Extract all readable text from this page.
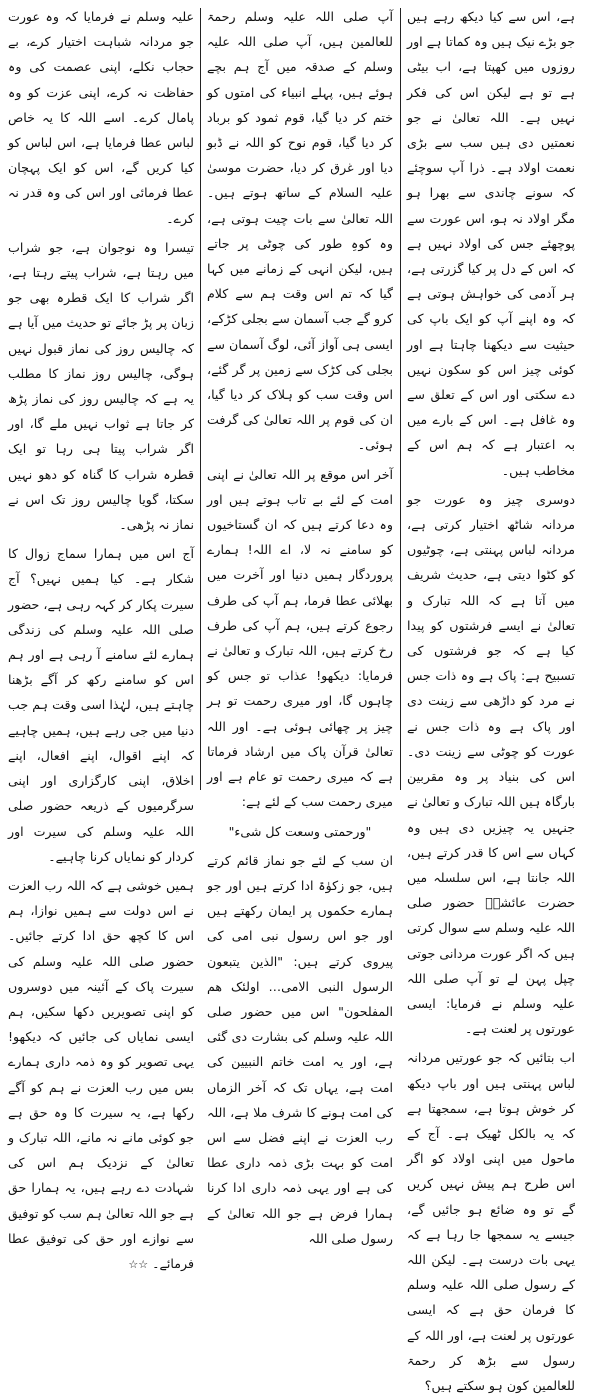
ہے، اس سے کیا دیکھ رہے ہیں جو بڑے نیک ہیں وہ کماتا ہے اور روزوں میں کھپتا ہے، اب بیٹی ہے تو ہے لیکن اس کی فکر نہیں ہے۔ اللہ تعالیٰ نے جو نعمتیں دی ہیں سب سے بڑی نعمت اولاد ہے۔ ذرا آپ سوچئے کہ سونے چاندی سے بھرا ہو مگر اولاد نہ ہو، اس عورت سے پوچھئے جس کی اولاد نہیں ہے کہ اس کے دل پر کیا گزرتی ہے، ہر آدمی کی خواہش ہوتی ہے کہ وہ اپنے آپ کو ایک باپ کی حیثیت سے دیکھنا چاہتا ہے اور کوئی چیز اس کو سکون نہیں دے سکتی اور اس کے تعلق سے وہ غافل ہے۔ اس کے بارے میں بہ اعتبار ہے کہ ہم اس کے مخاطب ہیں۔

دوسری چیز وہ عورت جو مردانہ شاٹھ اختیار کرتی ہے، مردانہ لباس پہنتی ہے، چوٹیوں کو کٹوا دیتی ہے، حدیث شریف میں آتا ہے کہ اللہ تبارک و تعالیٰ نے ایسے فرشتوں کو پیدا کیا ہے کہ جو فرشتوں کی تسبیح ہے: پاک ہے وہ ذات جس نے مرد کو داڑھی سے زینت دی اور پاک ہے وہ ذات جس نے عورت کو چوٹی سے زینت دی۔ اس کی بنیاد پر وہ مقربین بارگاہ ہیں اللہ تبارک و تعالیٰ نے جنہیں یہ چیزیں دی ہیں وہ کہاں سے اس کا قدر کرتے ہیں، اللہ جانتا ہے، اس سلسلہ میں حضرت عائشہؓ حضور صلی اللہ علیہ وسلم سے سوال کرتی ہیں کہ اگر عورت مردانی جوتی چپل پہن لے تو آپ صلی اللہ علیہ وسلم نے فرمایا: ایسی عورتوں پر لعنت ہے۔

اب بتائیں کہ جو عورتیں مردانہ لباس پہنتی ہیں اور باپ دیکھ کر خوش ہوتا ہے، سمجھتا ہے کہ یہ بالکل ٹھیک ہے۔ آج کے ماحول میں اپنی اولاد کو اگر اس طرح ہم پیش نہیں کریں گے تو وہ ضائع ہو جائیں گے، جیسے یہ سمجھا جا رہا ہے کہ یہی بات درست ہے۔ لیکن اللہ کے رسول صلی اللہ علیہ وسلم کا فرمان حق ہے کہ ایسی عورتوں پر لعنت ہے، اور اللہ کے رسول سے بڑھ کر رحمۃ للعالمین کون ہو سکتے ہیں؟

آپ صلی اللہ علیہ وسلم رحمۃ للعالمین ہیں، آپ صلی اللہ علیہ وسلم کے صدقہ میں آج ہم بچے ہوئے ہیں، پہلے انبیاء کی امتوں کو ختم کر دیا گیا، قوم ثمود کو برباد کر دیا گیا، قوم نوح کو اللہ نے ڈبو دیا اور غرق کر دیا، حضرت موسیٰ علیہ السلام کے ساتھ ہوتے ہیں۔ اللہ تعالیٰ سے بات چیت ہوتی ہے، وہ کوہِ طور کی چوٹی پر جاتے ہیں، لیکن انہی کے زمانے میں کہا گیا کہ تم اس وقت ہم سے کلام کرو گے جب آسمان سے بجلی کڑکے، ایسی ہی آواز آئی، لوگ آسمان سے بجلی کی کڑک سے زمین پر گر گئے، اس وقت سب کو ہلاک کر دیا گیا، ان کی قوم پر اللہ تعالیٰ کی گرفت ہوئی۔

آخر اس موقع پر اللہ تعالیٰ نے اپنی امت کے لئے بے تاب ہوتے ہیں اور وہ دعا کرتے ہیں کہ ان گستاخیوں کو سامنے نہ لا، اے اللہ! ہمارے پروردگار ہمیں دنیا اور آخرت میں بھلائی عطا فرما، ہم آپ کی طرف رجوع کرتے ہیں، ہم آپ کی طرف رخ کرتے ہیں، اللہ تبارک و تعالیٰ نے فرمایا: دیکھو! عذاب تو جس کو چاہوں گا، اور میری رحمت تو ہر چیز پر چھائی ہوئی ہے۔ اور اللہ تعالیٰ قرآن پاک میں ارشاد فرماتا ہے کہ میری رحمت تو عام ہے اور میری رحمت سب کے لئے ہے:

"ورحمتی وسعت کل شیء"

ان سب کے لئے جو نماز قائم کرتے ہیں، جو زکوٰۃ ادا کرتے ہیں اور جو ہمارے حکموں پر ایمان رکھتے ہیں اور جو اس رسول نبی امی کی پیروی کرتے ہیں: "الذین یتبعون الرسول النبی الامی… اولئک ھم المفلحون" اس میں حضور صلی اللہ علیہ وسلم کی بشارت دی گئی ہے، اور یہ امت خاتم النبیین کی امت ہے، یہاں تک کہ آخر الزماں کی امت ہونے کا شرف ملا ہے، اللہ رب العزت نے اپنے فضل سے اس امت کو بہت بڑی ذمہ داری عطا کی ہے اور یہی ذمہ داری ادا کرنا ہمارا فرض ہے جو اللہ تعالیٰ کے رسول صلی اللہ

علیہ وسلم نے فرمایا کہ وہ عورت جو مردانہ شباہت اختیار کرے، بے حجاب نکلے، اپنی عصمت کی وہ حفاظت نہ کرے، اپنی عزت کو وہ پامال کرے۔ اسے اللہ کا یہ خاص لباس عطا فرمایا ہے، اس لباس کو کیا کریں گے، اس کو ایک پہچان عطا فرمائی اور اس کی وہ قدر نہ کرے۔

تیسرا وہ نوجوان ہے، جو شراب میں رہتا ہے، شراب پیتے رہتا ہے، اگر شراب کا ایک قطرہ بھی جو زبان پر پڑ جائے تو حدیث میں آیا ہے کہ چالیس روز کی نماز قبول نہیں ہوگی، چالیس روز نماز کا مطلب یہ ہے کہ چالیس روز کی نماز پڑھ کر جاتا ہے ثواب نہیں ملے گا، اور اگر شراب پیتا ہی رہا تو ایک قطرہ شراب کا گناہ کو دھو نہیں سکتا، گویا چالیس روز تک اس نے نماز نہ پڑھی۔

آج اس میں ہمارا سماج زوال کا شکار ہے۔ کیا ہمیں نہیں؟ آج سیرت پکار کر کہہ رہی ہے، حضور صلی اللہ علیہ وسلم کی زندگی ہمارے لئے سامنے آ رہی ہے اور ہم اس کو سامنے رکھ کر آگے بڑھنا چاہتے ہیں، لہٰذا اسی وقت ہم جب دنیا میں جی رہے ہیں، ہمیں چاہیے کہ اپنے اقوال، اپنے افعال، اپنے اخلاق، اپنی کارگزاری اور اپنی سرگرمیوں کے ذریعہ حضور صلی اللہ علیہ وسلم کی سیرت اور کردار کو نمایاں کرنا چاہیے۔

ہمیں خوشی ہے کہ اللہ رب العزت نے اس دولت سے ہمیں نوازا، ہم اس کا کچھ حق ادا کرتے جائیں۔ حضور صلی اللہ علیہ وسلم کی سیرت پاک کے آئینہ میں دوسروں کو اپنی تصویریں دکھا سکیں، ہم ایسی نمایاں کی جائیں کہ دیکھو! یہی تصویر کو وہ ذمہ داری ہمارے بس میں رب العزت نے ہم کو آگے رکھا ہے، یہ سیرت کا وہ حق ہے جو کوئی مانے نہ مانے، اللہ تبارک و تعالیٰ کے نزدیک ہم اس کی شہادت دے رہے ہیں، یہ ہمارا حق ہے جو اللہ تعالیٰ ہم سب کو توفیق سے نوازے اور حق کی توفیق عطا فرمائے۔ ☆☆
